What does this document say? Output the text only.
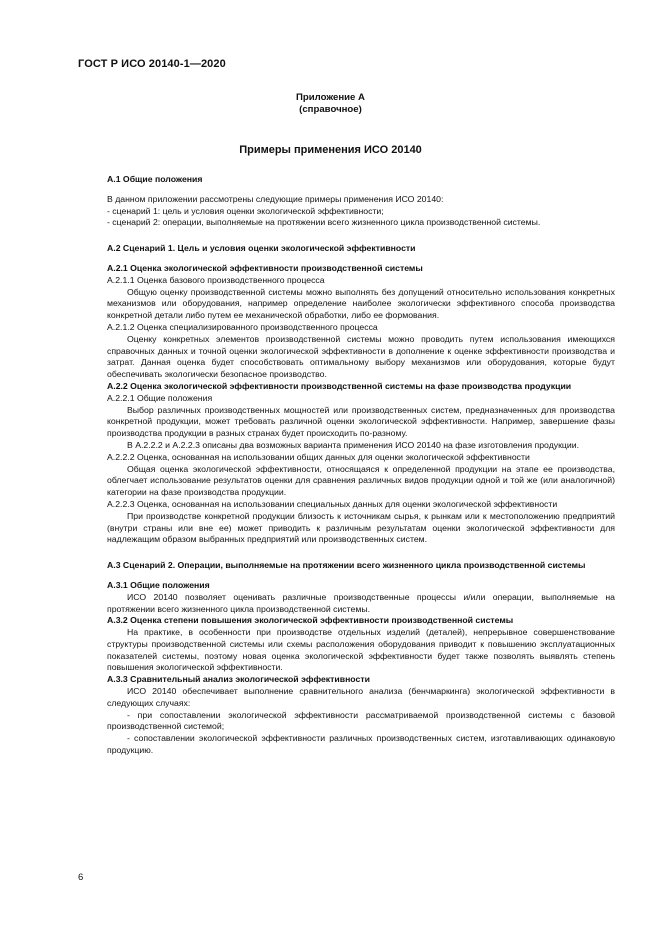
ГОСТ Р ИСО 20140-1—2020
Приложение А
(справочное)
Примеры применения ИСО 20140
А.1 Общие положения

В данном приложении рассмотрены следующие примеры применения ИСО 20140:

- сценарий 1: цель и условия оценки экологической эффективности;

- сценарий 2: операции, выполняемые на протяжении всего жизненного цикла производственной системы.

А.2 Сценарий 1. Цель и условия оценки экологической эффективности

А.2.1 Оценка экологической эффективности производственной системы

А.2.1.1 Оценка базового производственного процесса

Общую оценку производственной системы можно выполнять без допущений относительно использования конкретных механизмов или оборудования, например определение наиболее экологически эффективного способа производства конкретной детали либо путем ее механической обработки, либо ее формования.

А.2.1.2 Оценка специализированного производственного процесса

Оценку конкретных элементов производственной системы можно проводить путем использования имеющихся справочных данных и точной оценки экологической эффективности в дополнение к оценке эффективности производства и затрат. Данная оценка будет способствовать оптимальному выбору механизмов или оборудования, которые будут обеспечивать экологически безопасное производство.

А.2.2 Оценка экологической эффективности производственной системы на фазе производства продукции

А.2.2.1 Общие положения

Выбор различных производственных мощностей или производственных систем, предназначенных для производства конкретной продукции, может требовать различной оценки экологической эффективности. Например, завершение фазы производства продукции в разных странах будет происходить по-разному.

В А.2.2.2 и А.2.2.3 описаны два возможных варианта применения ИСО 20140 на фазе изготовления продукции.

А.2.2.2 Оценка, основанная на использовании общих данных для оценки экологической эффективности

Общая оценка экологической эффективности, относящаяся к определенной продукции на этапе ее производства, облегчает использование результатов оценки для сравнения различных видов продукции одной и той же (или аналогичной) категории на фазе производства продукции.

А.2.2.3 Оценка, основанная на использовании специальных данных для оценки экологической эффективности

При производстве конкретной продукции близость к источникам сырья, к рынкам или к местоположению предприятий (внутри страны или вне ее) может приводить к различным результатам оценки экологической эффективности для надлежащим образом выбранных предприятий или производственных систем.

А.3 Сценарий 2. Операции, выполняемые на протяжении всего жизненного цикла производственной системы

А.3.1 Общие положения

ИСО 20140 позволяет оценивать различные производственные процессы и/или операции, выполняемые на протяжении всего жизненного цикла производственной системы.

А.3.2 Оценка степени повышения экологической эффективности производственной системы

На практике, в особенности при производстве отдельных изделий (деталей), непрерывное совершенствование структуры производственной системы или схемы расположения оборудования приводит к повышению эксплуатационных показателей системы, поэтому новая оценка экологической эффективности будет также позволять выявлять степень повышения экологической эффективности.

А.3.3 Сравнительный анализ экологической эффективности

ИСО 20140 обеспечивает выполнение сравнительного анализа (бенчмаркинга) экологической эффективности в следующих случаях:

- при сопоставлении экологической эффективности рассматриваемой производственной системы с базовой производственной системой;

- сопоставлении экологической эффективности различных производственных систем, изготавливающих одинаковую продукцию.

6
